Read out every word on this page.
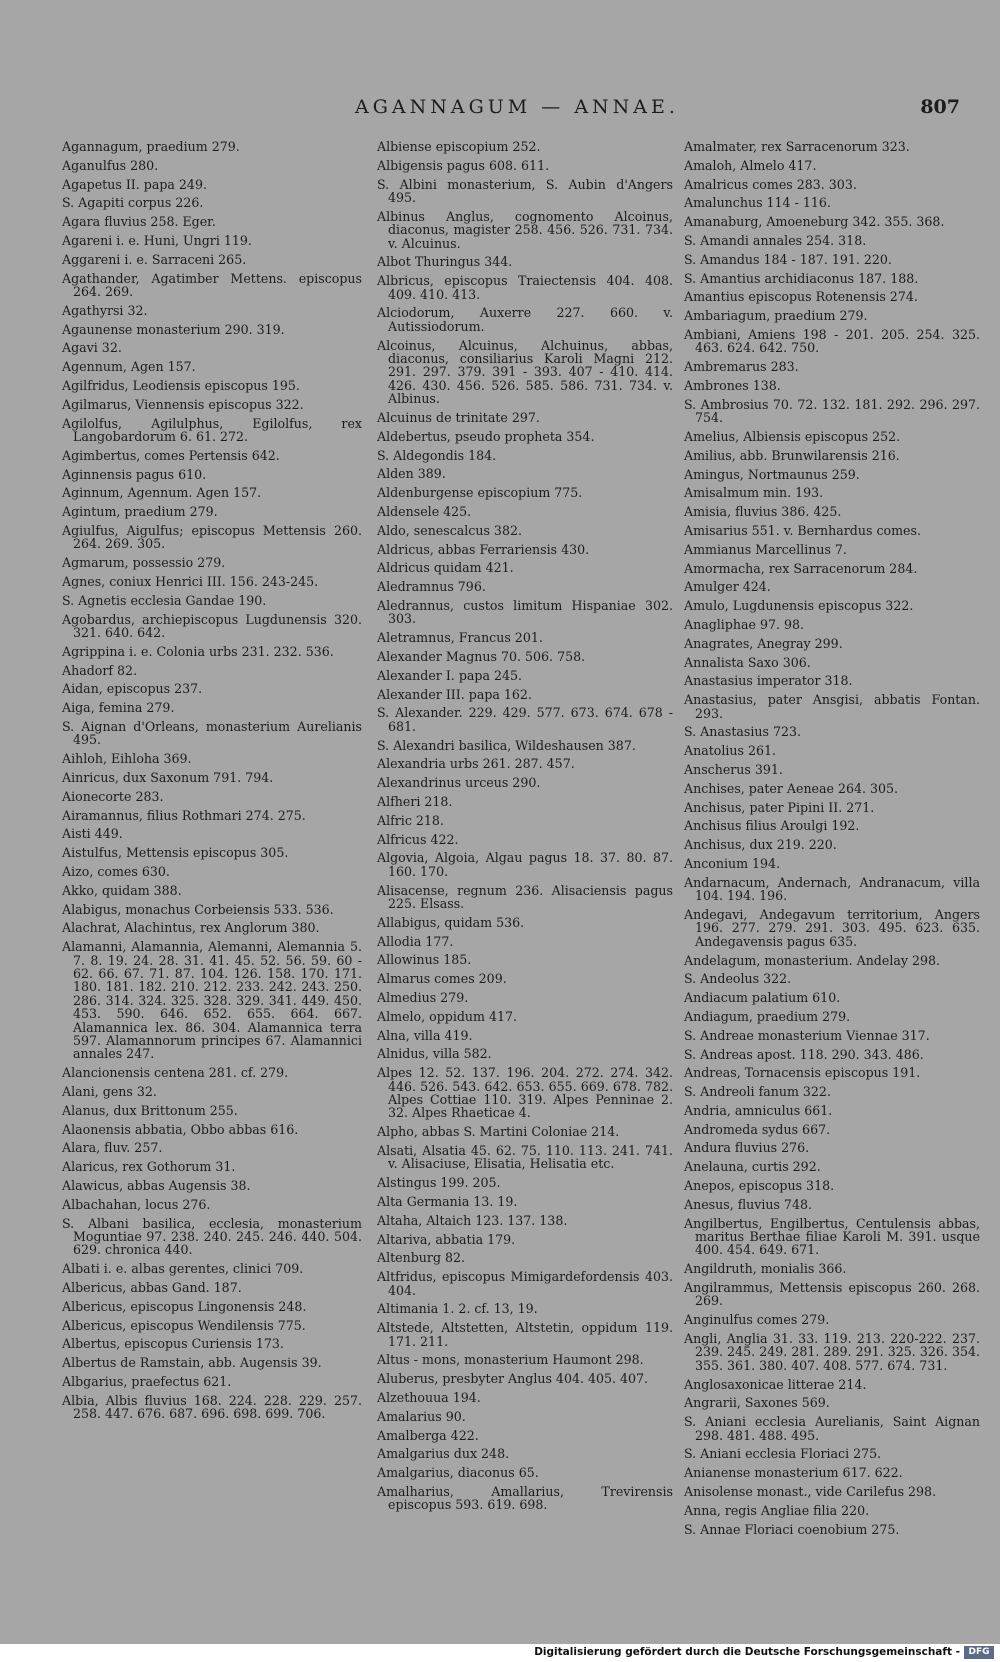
AGANNAGUM — ANNAE.	807
Agannagum, praedium 279.
Aganulfus 280.
Agapetus II. papa 249.
S. Agapiti corpus 226.
Agara fluvius 258. Eger.
Agareni i. e. Huni, Ungri 119.
Aggareni i. e. Sarraceni 265.
Agathander, Agatimber Mettens. episcopus 264. 269.
Agathyrsi 32.
Agaunense monasterium 290. 319.
Agavi 32.
Agennum, Agen 157.
Agilfridus, Leodiensis episcopus 195.
Agilmarus, Viennensis episcopus 322.
Agilolfus, Agilulphus, Egilolfus, rex Langobardorum 6. 61. 272.
Agimbertus, comes Pertensis 642.
Aginnensis pagus 610.
Aginnum, Agennum. Agen 157.
Agintum, praedium 279.
Agiulfus, Aigulfus; episcopus Mettensis 260. 264. 269. 305.
Agmarum, possessio 279.
Agnes, coniux Henrici III. 156. 243-245.
S. Agnetis ecclesia Gandae 190.
Agobardus, archiepiscopus Lugdunensis 320. 321. 640. 642.
Agrippina i. e. Colonia urbs 231. 232. 536.
Ahadorf 82.
Aidan, episcopus 237.
Aiga, femina 279.
S. Aignan d'Orleans, monasterium Aurelianis 495.
Aihloh, Eihloha 369.
Ainricus, dux Saxonum 791. 794.
Aionecorte 283.
Airamannus, filius Rothmari 274. 275.
Aisti 449.
Aistulfus, Mettensis episcopus 305.
Aizo, comes 630.
Akko, quidam 388.
Alabigus, monachus Corbeiensis 533. 536.
Alachrat, Alachintus, rex Anglorum 380.
Alamanni, Alamannia, Alemanni, Alemannia 5. 7. 8. 19. 24. 28. 31. 41. 45. 52. 56. 59. 60 - 62. 66. 67. 71. 87. 104. 126. 158. 170. 171. 180. 181. 182. 210. 212. 233. 242. 243. 250. 286. 314. 324. 325. 328. 329. 341. 449. 450. 453. 590. 646. 652. 655. 664. 667. Alamannica lex. 86. 304. Alamannica terra 597. Alamannorum principes 67. Alamannici annales 247.
Alancionensis centena 281. cf. 279.
Alani, gens 32.
Alanus, dux Brittonum 255.
Alaonensis abbatia, Obbo abbas 616.
Alara, fluv. 257.
Alaricus, rex Gothorum 31.
Alawicus, abbas Augensis 38.
Albachahan, locus 276.
S. Albani basilica, ecclesia, monasterium Moguntiae 97. 238. 240. 245. 246. 440. 504. 629. chronica 440.
Albati i. e. albas gerentes, clinici 709.
Albericus, abbas Gand. 187.
Albericus, episcopus Lingonensis 248.
Albericus, episcopus Wendilensis 775.
Albertus, episcopus Curiensis 173.
Albertus de Ramstain, abb. Augensis 39.
Albgarius, praefectus 621.
Albia, Albis fluvius 168. 224. 228. 229. 257. 258. 447. 676. 687. 696. 698. 699. 706.
Albiense episcopium 252.
Albigensis pagus 608. 611.
S. Albini monasterium, S. Aubin d'Angers 495.
Albinus Anglus, cognomento Alcoinus, diaconus, magister 258. 456. 526. 731. 734. v. Alcuinus.
Albot Thuringus 344.
Albricus, episcopus Traiectensis 404. 408. 409. 410. 413.
Alciodorum, Auxerre 227. 660. v. Autissiodorum.
Alcoinus, Alcuinus, Alchuinus, abbas, diaconus, consiliarius Karoli Magni 212. 291. 297. 379. 391 - 393. 407 - 410. 414. 426. 430. 456. 526. 585. 586. 731. 734. v. Albinus.
Alcuinus de trinitate 297.
Aldebertus, pseudo propheta 354.
S. Aldegondis 184.
Alden 389.
Aldenburgense episcopium 775.
Aldensele 425.
Aldo, senescalcus 382.
Aldricus, abbas Ferrariensis 430.
Aldricus quidam 421.
Aledramnus 796.
Aledrannus, custos limitum Hispaniae 302. 303.
Aletramnus, Francus 201.
Alexander Magnus 70. 506. 758.
Alexander I. papa 245.
Alexander III. papa 162.
S. Alexander. 229. 429. 577. 673. 674. 678 - 681.
S. Alexandri basilica, Wildeshausen 387.
Alexandria urbs 261. 287. 457.
Alexandrinus urceus 290.
Alfheri 218.
Alfric 218.
Alfricus 422.
Algovia, Algoia, Algau pagus 18. 37. 80. 87. 160. 170.
Alisacense, regnum 236. Alisaciensis pagus 225. Elsass.
Allabigus, quidam 536.
Allodia 177.
Allowinus 185.
Almarus comes 209.
Almedius 279.
Almelo, oppidum 417.
Alna, villa 419.
Alnidus, villa 582.
Alpes 12. 52. 137. 196. 204. 272. 274. 342. 446. 526. 543. 642. 653. 655. 669. 678. 782. Alpes Cottiae 110. 319. Alpes Penninae 2. 32. Alpes Rhaeticae 4.
Alpho, abbas S. Martini Coloniae 214.
Alsati, Alsatia 45. 62. 75. 110. 113. 241. 741. v. Alisaciuse, Elisatia, Helisatia etc.
Alstingus 199. 205.
Alta Germania 13. 19.
Altaha, Altaich 123. 137. 138.
Altariva, abbatia 179.
Altenburg 82.
Altfridus, episcopus Mimigardefordensis 403. 404.
Altimania 1. 2. cf. 13, 19.
Altstede, Altstetten, Altstetin, oppidum 119. 171. 211.
Altus - mons, monasterium Haumont 298.
Aluberus, presbyter Anglus 404. 405. 407.
Alzethouua 194.
Amalarius 90.
Amalberga 422.
Amalgarius dux 248.
Amalgarius, diaconus 65.
Amalharius, Amallarius, Trevirensis episcopus 593. 619. 698.
Amalmater, rex Sarracenorum 323.
Amaloh, Almelo 417.
Amalricus comes 283. 303.
Amalunchus 114 - 116.
Amanaburg, Amoeneburg 342. 355. 368.
S. Amandi annales 254. 318.
S. Amandus 184 - 187. 191. 220.
S. Amantius archidiaconus 187. 188.
Amantius episcopus Rotenensis 274.
Ambariagum, praedium 279.
Ambiani, Amiens 198 - 201. 205. 254. 325. 463. 624. 642. 750.
Ambremarus 283.
Ambrones 138.
S. Ambrosius 70. 72. 132. 181. 292. 296. 297. 754.
Amelius, Albiensis episcopus 252.
Amilius, abb. Brunwilarensis 216.
Amingus, Nortmaunus 259.
Amisalmum min. 193.
Amisia, fluvius 386. 425.
Amisarius 551. v. Bernhardus comes.
Ammianus Marcellinus 7.
Amormacha, rex Sarracenorum 284.
Amulger 424.
Amulo, Lugdunensis episcopus 322.
Anagliphae 97. 98.
Anagrates, Anegray 299.
Annalista Saxo 306.
Anastasius imperator 318.
Anastasius, pater Ansgisi, abbatis Fontan. 293.
S. Anastasius 723.
Anatolius 261.
Anscherus 391.
Anchises, pater Aeneae 264. 305.
Anchisus, pater Pipini II. 271.
Anchisus filius Aroulgi 192.
Anchisus, dux 219. 220.
Anconium 194.
Andarnacum, Andernach, Andranacum, villa 104. 194. 196.
Andegavi, Andegavum territorium, Angers 196. 277. 279. 291. 303. 495. 623. 635. Andegavensis pagus 635.
Andelagum, monasterium. Andelay 298.
S. Andeolus 322.
Andiacum palatium 610.
Andiagum, praedium 279.
S. Andreae monasterium Viennae 317.
S. Andreas apost. 118. 290. 343. 486.
Andreas, Tornacensis episcopus 191.
S. Andreoli fanum 322.
Andria, amniculus 661.
Andromeda sydus 667.
Andura fluvius 276.
Anelauna, curtis 292.
Anepos, episcopus 318.
Anesus, fluvius 748.
Angilbertus, Engilbertus, Centulensis abbas, maritus Berthae filiae Karoli M. 391. usque 400. 454. 649. 671.
Angildruth, monialis 366.
Angilrammus, Mettensis episcopus 260. 268. 269.
Anginulfus comes 279.
Angli, Anglia 31. 33. 119. 213. 220-222. 237. 239. 245. 249. 281. 289. 291. 325. 326. 354. 355. 361. 380. 407. 408. 577. 674. 731.
Anglosaxonicae litterae 214.
Angrarii, Saxones 569.
S. Aniani ecclesia Aurelianis, Saint Aignan 298. 481. 488. 495.
S. Aniani ecclesia Floriaci 275.
Anianense monasterium 617. 622.
Anisolense monast., vide Carilefus 298.
Anna, regis Angliae filia 220.
S. Annae Floriaci coenobium 275.
Digitalisierung gefördert durch die Deutsche Forschungsgemeinschaft - DFG
